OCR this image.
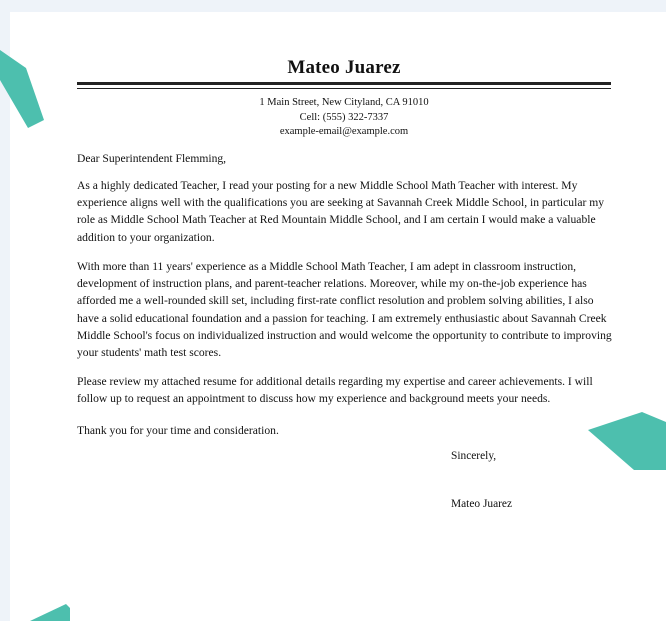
Mateo Juarez
1 Main Street, New Cityland, CA 91010
Cell: (555) 322-7337
example-email@example.com
Dear Superintendent Flemming,

As a highly dedicated Teacher, I read your posting for a new Middle School Math Teacher with interest. My experience aligns well with the qualifications you are seeking at Savannah Creek Middle School, in particular my role as Middle School Math Teacher at Red Mountain Middle School, and I am certain I would make a valuable addition to your organization.

With more than 11 years' experience as a Middle School Math Teacher, I am adept in classroom instruction, development of instruction plans, and parent-teacher relations. Moreover, while my on-the-job experience has afforded me a well-rounded skill set, including first-rate conflict resolution and problem solving abilities, I also have a solid educational foundation and a passion for teaching. I am extremely enthusiastic about Savannah Creek Middle School's focus on individualized instruction and would welcome the opportunity to contribute to improving your students' math test scores.

Please review my attached resume for additional details regarding my expertise and career achievements. I will follow up to request an appointment to discuss how my experience and background meets your needs.

Thank you for your time and consideration.

Sincerely,
Mateo Juarez
